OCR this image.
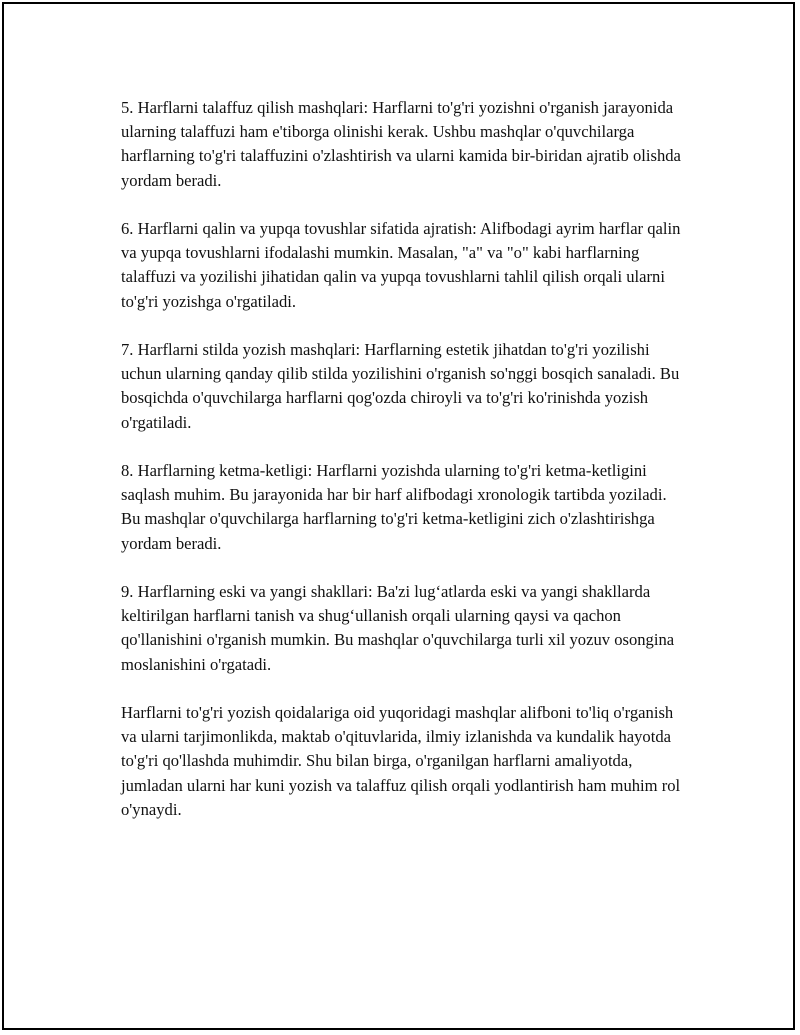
5. Harflarni talaffuz qilish mashqlari: Harflarni to'g'ri yozishni o'rganish jarayonida ularning talaffuzi ham e'tiborga olinishi kerak. Ushbu mashqlar o'quvchilarga harflarning to'g'ri talaffuzini o'zlashtirish va ularni kamida bir-biridan ajratib olishda yordam beradi.

6. Harflarni qalin va yupqa tovushlar sifatida ajratish: Alifbodagi ayrim harflar qalin va yupqa tovushlarni ifodalashi mumkin. Masalan, "a" va "o" kabi harflarning talaffuzi va yozilishi jihatidan qalin va yupqa tovushlarni tahlil qilish orqali ularni to'g'ri yozishga o'rgatiladi.

7. Harflarni stilda yozish mashqlari: Harflarning estetik jihatdan to'g'ri yozilishi uchun ularning qanday qilib stilda yozilishini o'rganish so'nggi bosqich sanaladi. Bu bosqichda o'quvchilarga harflarni qog'ozda chiroyli va to'g'ri ko'rinishda yozish o'rgatiladi.

8. Harflarning ketma-ketligi: Harflarni yozishda ularning to'g'ri ketma-ketligini saqlash muhim. Bu jarayonida har bir harf alifbodagi xronologik tartibda yoziladi. Bu mashqlar o'quvchilarga harflarning to'g'ri ketma-ketligini zich o'zlashtirishga yordam beradi.

9. Harflarning eski va yangi shakllari: Ba'zi lug‘atlarda eski va yangi shakllarda keltirilgan harflarni tanish va shug‘ullanish orqali ularning qaysi va qachon qo'llanishini o'rganish mumkin. Bu mashqlar o'quvchilarga turli xil yozuv osongina moslanishini o'rgatadi.

Harflarni to'g'ri yozish qoidalariga oid yuqoridagi mashqlar alifboni to'liq o'rganish va ularni tarjimonlikda, maktab o'qituvlarida, ilmiy izlanishda va kundalik hayotda to'g'ri qo'llashda muhimdir. Shu bilan birga, o'rganilgan harflarni amaliyotda, jumladan ularni har kuni yozish va talaffuz qilish orqali yodlantirish ham muhim rol o'ynaydi.
